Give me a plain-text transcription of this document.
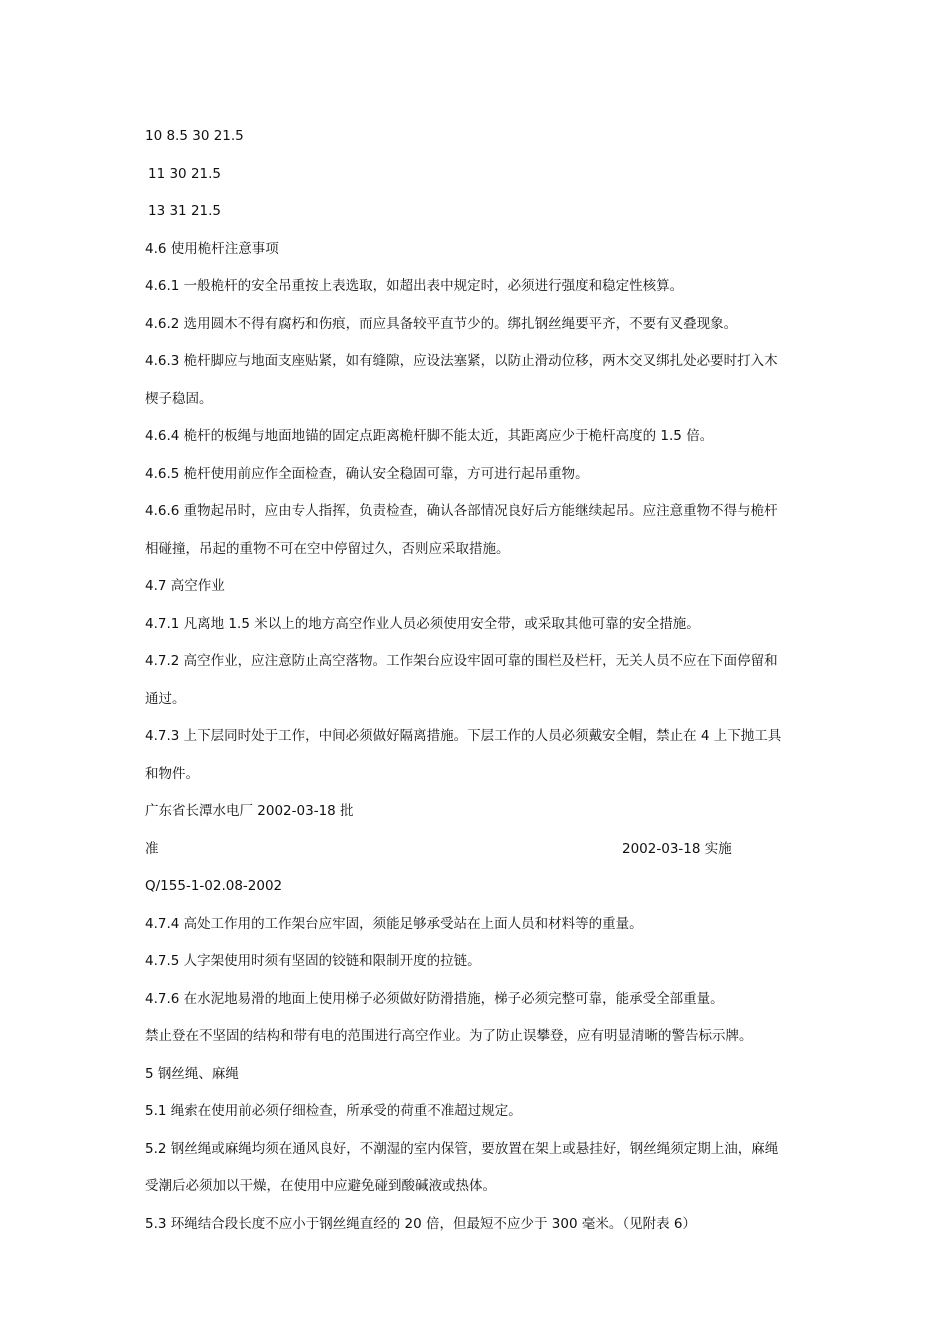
10 8.5 30 21.5
11 30 21.5
13 31 21.5
4.6 使用桅杆注意事项
4.6.1 一般桅杆的安全吊重按上表选取，如超出表中规定时，必须进行强度和稳定性核算。
4.6.2 选用圆木不得有腐朽和伤痕，而应具备较平直节少的。绑扎钢丝绳要平齐，不要有叉叠现象。
4.6.3 桅杆脚应与地面支座贴紧，如有缝隙，应设法塞紧，以防止滑动位移，两木交叉绑扎处必要时打入木
楔子稳固。
4.6.4 桅杆的板绳与地面地锚的固定点距离桅杆脚不能太近，其距离应少于桅杆高度的 1.5 倍。
4.6.5 桅杆使用前应作全面检查，确认安全稳固可靠，方可进行起吊重物。
4.6.6 重物起吊时，应由专人指挥，负责检查，确认各部情况良好后方能继续起吊。应注意重物不得与桅杆
相碰撞，吊起的重物不可在空中停留过久，否则应采取措施。
4.7 高空作业
4.7.1 凡离地 1.5 米以上的地方高空作业人员必须使用安全带，或采取其他可靠的安全措施。
4.7.2 高空作业，应注意防止高空落物。工作架台应设牢固可靠的围栏及栏杆，无关人员不应在下面停留和
通过。
4.7.3 上下层同时处于工作，中间必须做好隔离措施。下层工作的人员必须戴安全帽，禁止在 4 上下抛工具
和物件。
广东省长潭水电厂 2002-03-18 批
准	2002-03-18 实施
Q/155-1-02.08-2002
4.7.4 高处工作用的工作架台应牢固，须能足够承受站在上面人员和材料等的重量。
4.7.5 人字架使用时须有坚固的铰链和限制开度的拉链。
4.7.6 在水泥地易滑的地面上使用梯子必须做好防滑措施，梯子必须完整可靠，能承受全部重量。
禁止登在不坚固的结构和带有电的范围进行高空作业。为了防止误攀登，应有明显清晰的警告标示牌。
5 钢丝绳、麻绳
5.1 绳索在使用前必须仔细检查，所承受的荷重不准超过规定。
5.2 钢丝绳或麻绳均须在通风良好，不潮湿的室内保管，要放置在架上或悬挂好，钢丝绳须定期上油，麻绳
受潮后必须加以干燥，在使用中应避免碰到酸碱液或热体。
5.3 环绳结合段长度不应小于钢丝绳直经的 20 倍，但最短不应少于 300 毫米。（见附表 6）
